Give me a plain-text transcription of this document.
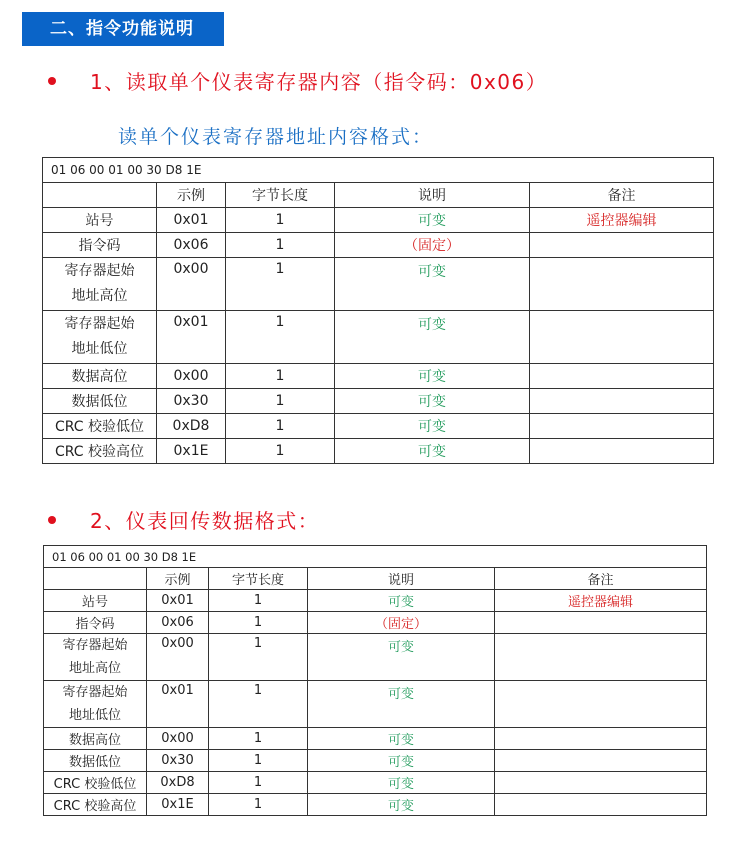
二、指令功能说明
1、读取单个仪表寄存器内容（指令码：0x06）
读单个仪表寄存器地址内容格式：
01 06 00 01 00 30 D8 1E				
	示例	字节长度	说明	备注
站号	0x01	1	可变	遥控器编辑
指令码	0x06	1	（固定）	

寄存器起始
地址高位	0x00	1	可变	

寄存器起始
地址低位	0x01	1	可变	
数据高位	0x00	1	可变	
数据低位	0x30	1	可变	
CRC 校验低位	0xD8	1	可变	
CRC 校验高位	0x1E	1	可变	
2、仪表回传数据格式：
01 06 00 01 00 30 D8 1E				
	示例	字节长度	说明	备注
站号	0x01	1	可变	遥控器编辑
指令码	0x06	1	（固定）	

寄存器起始
地址高位	0x00	1	可变	

寄存器起始
地址低位	0x01	1	可变	
数据高位	0x00	1	可变	
数据低位	0x30	1	可变	
CRC 校验低位	0xD8	1	可变	
CRC 校验高位	0x1E	1	可变	
